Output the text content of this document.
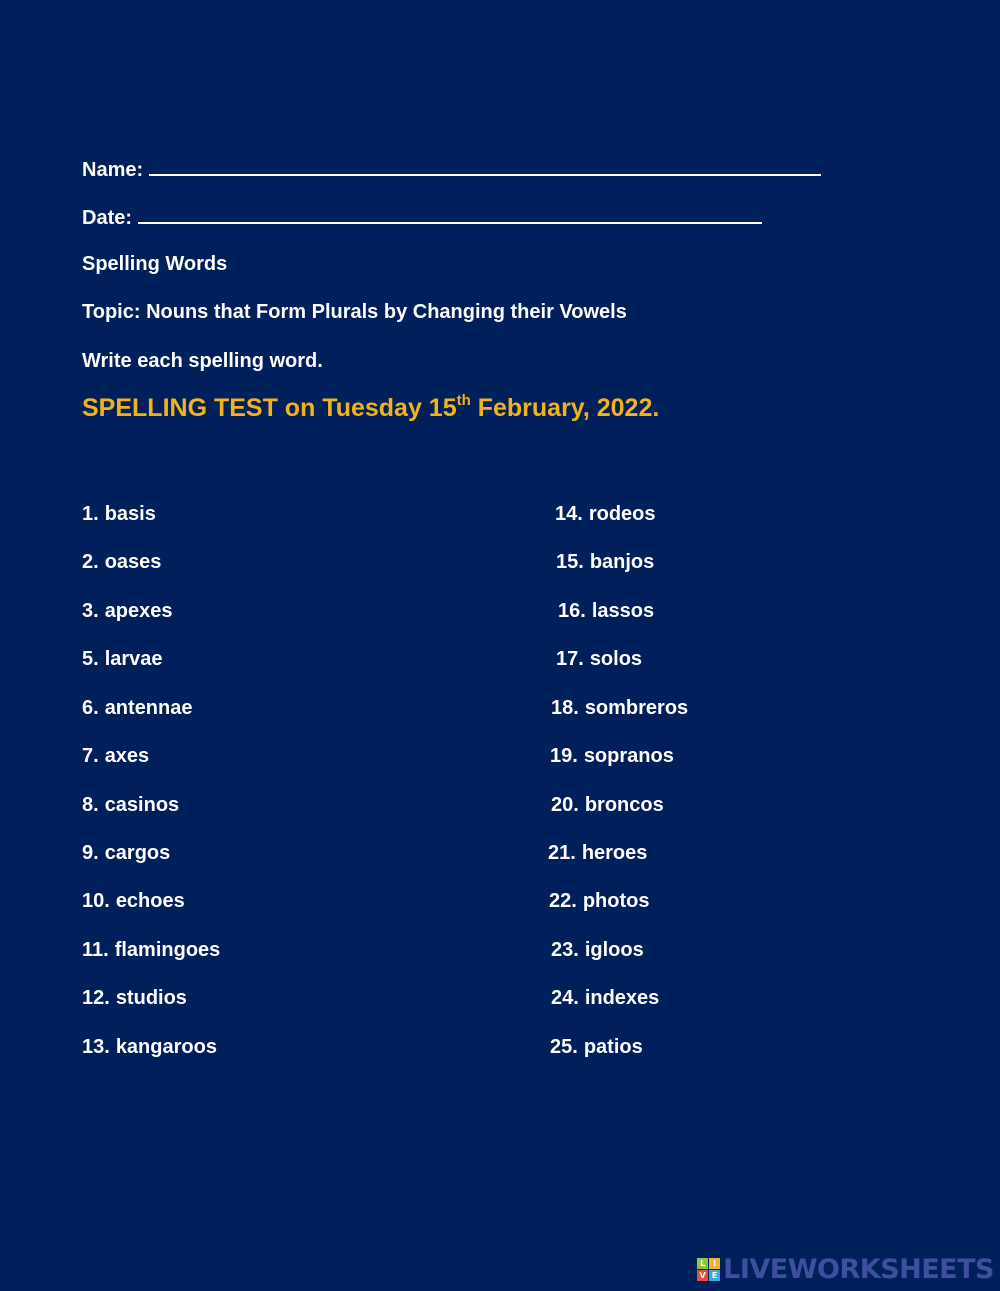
Name:
Date:
Spelling Words
Topic: Nouns that Form Plurals by Changing their Vowels
Write each spelling word.
SPELLING TEST on Tuesday 15th February, 2022.
1. basis
2. oases
3. apexes
5. larvae
6. antennae
7. axes
8. casinos
9. cargos
10. echoes
11. flamingoes
12. studios
13. kangaroos
14. rodeos
15. banjos
16. lassos
17. solos
18. sombreros
19. sopranos
20. broncos
21. heroes
22. photos
23. igloos
24. indexes
25. patios
L I
V E LIVEWORKSHEETS
